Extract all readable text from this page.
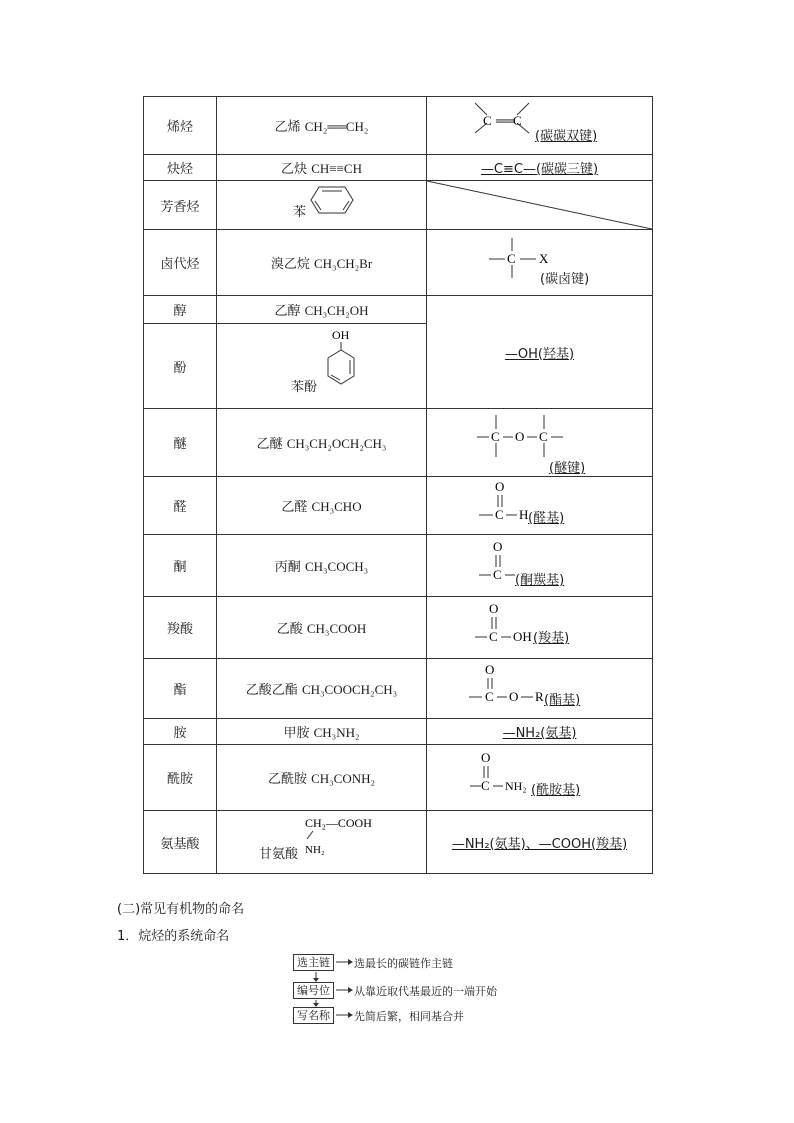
烯烃	乙烯 CH₂══CH₂	C ══
C
(碳碳双键)

炔烃	乙炔 CH≡≡CH	—C≡C—(碳碳三键)
芳香烃	苯

卤代烃	溴乙烷 CH₃CH₂Br	C X
(碳卤键)

醇	乙醇 CH₃CH₂OH	—OH(羟基)
酚	苯酚
OH	

醚	乙醚 CH₃CH₂OCH₂CH₃	C O C
(醚键)

醛	乙醛 CH₃CHO	O
C H (醛基)

酮	丙酮 CH₃COCH₃	O
C (酮羰基)

羧酸	乙酸 CH₃COOH	O
C OH (羧基)

酯	乙酸乙酯 CH₃COOCH₂CH₃	O
C O R (酯基)

胺	甲胺 CH₃NH₂	—NH₂(氨基)
酰胺	乙酰胺 CH₃CONH₂	O
C NH₂ (酰胺基)

氨基酸	甘氨酸
CH₂—COOH
NH₂	—NH₂(氨基)、—COOH(羧基)
(二)常见有机物的命名
1．烷烃的系统命名
选主链
编号位
写名称
选最长的碳链作主链
从靠近取代基最近的一端开始
先简后繁，相同基合并
